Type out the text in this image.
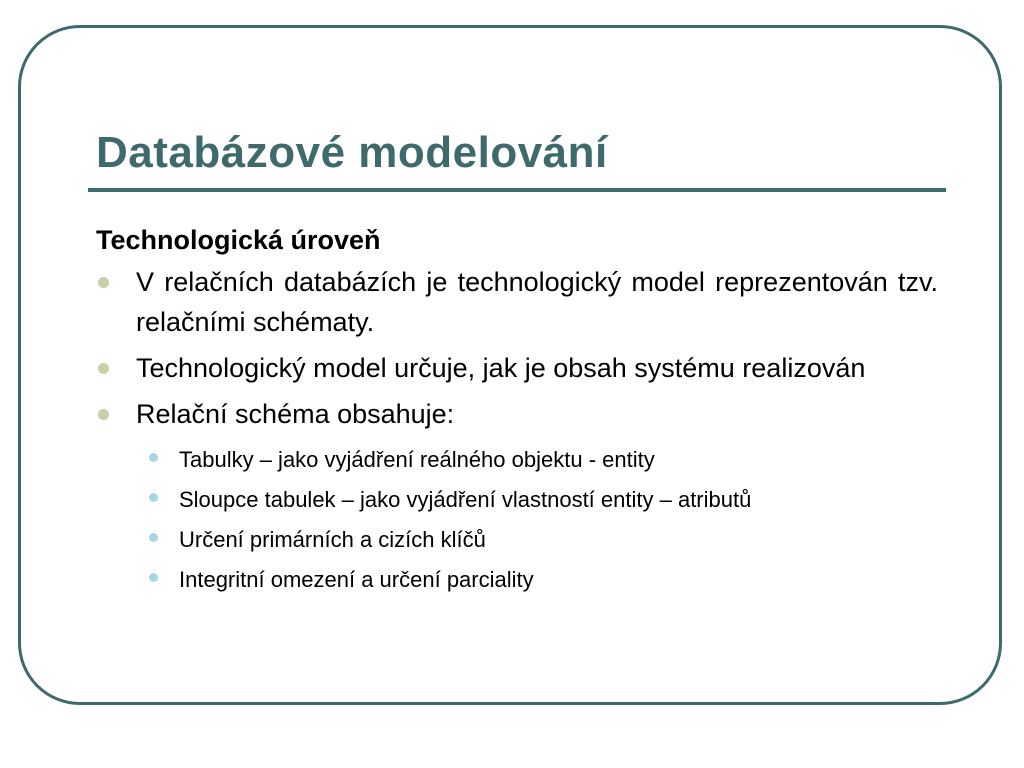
Databázové modelování
Technologická úroveň
V relačních databázích je technologický model reprezentován tzv. relačními schématy.
Technologický model určuje, jak je obsah systému realizován
Relační schéma obsahuje:
Tabulky – jako vyjádření reálného objektu - entity
Sloupce tabulek – jako vyjádření vlastností entity – atributů
Určení primárních a cizích klíčů
Integritní omezení a určení parciality
